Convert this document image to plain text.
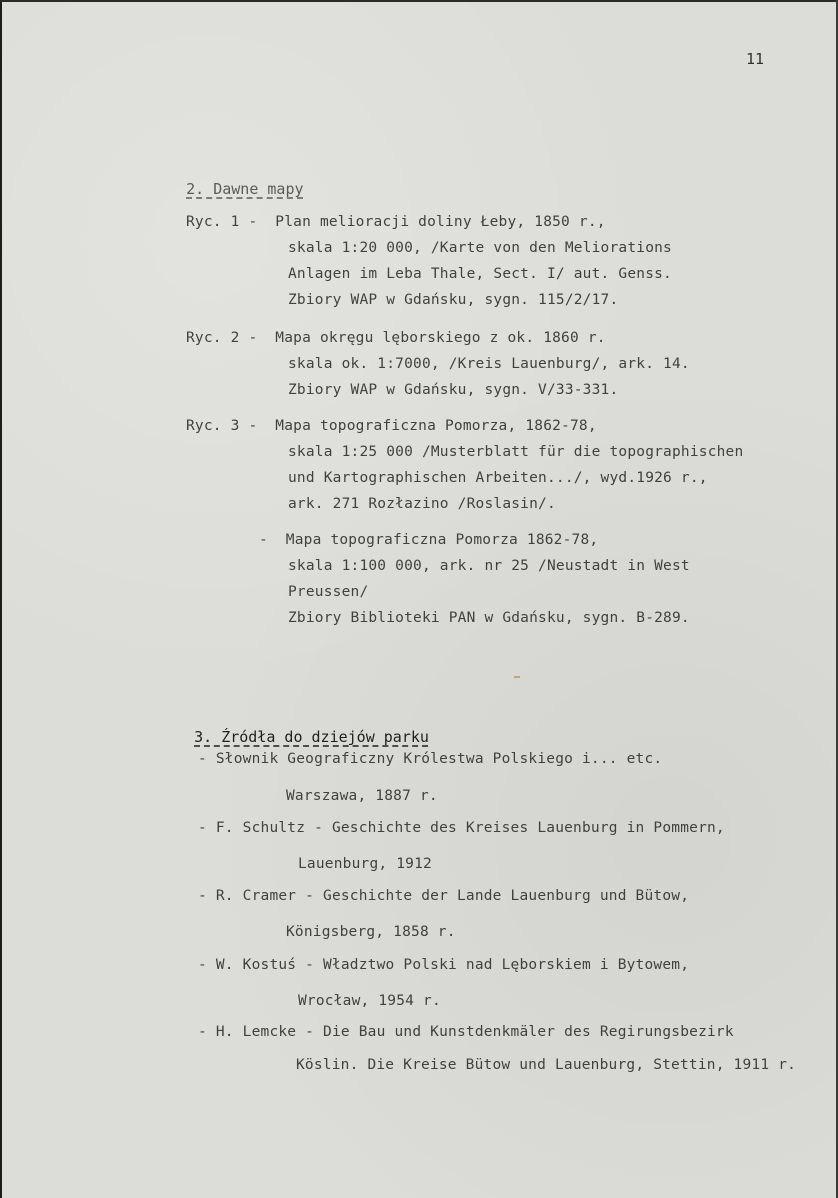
11

2. Dawne mapy

Ryc. 1 -  Plan melioracji doliny Łeby, 1850 r.,
skala 1:20 000, /Karte von den Meliorations
Anlagen im Leba Thale, Sect. I/ aut. Genss.
Zbiory WAP w Gdańsku, sygn. 115/2/17.
Ryc. 2 -  Mapa okręgu lęborskiego z ok. 1860 r.
skala ok. 1:7000, /Kreis Lauenburg/, ark. 14.
Zbiory WAP w Gdańsku, sygn. V/33-331.
Ryc. 3 -  Mapa topograficzna Pomorza, 1862-78,
skala 1:25 000 /Musterblatt für die topographischen
und Kartographischen Arbeiten.../, wyd.1926 r.,
ark. 271 Rozłazino /Roslasin/.
-  Mapa topograficzna Pomorza 1862-78,
skala 1:100 000, ark. nr 25 /Neustadt in West
Preussen/
Zbiory Biblioteki PAN w Gdańsku, sygn. B-289.

3. Źródła do dziejów parku

- Słownik Geograficzny Królestwa Polskiego i... etc.
Warszawa, 1887 r.
- F. Schultz - Geschichte des Kreises Lauenburg in Pommern,
Lauenburg, 1912
- R. Cramer - Geschichte der Lande Lauenburg und Bütow,
Königsberg, 1858 r.
- W. Kostuś - Władztwo Polski nad Lęborskiem i Bytowem,
Wrocław, 1954 r.
- H. Lemcke - Die Bau und Kunstdenkmäler des Regirungsbezirk
Köslin. Die Kreise Bütow und Lauenburg, Stettin, 1911 r.
